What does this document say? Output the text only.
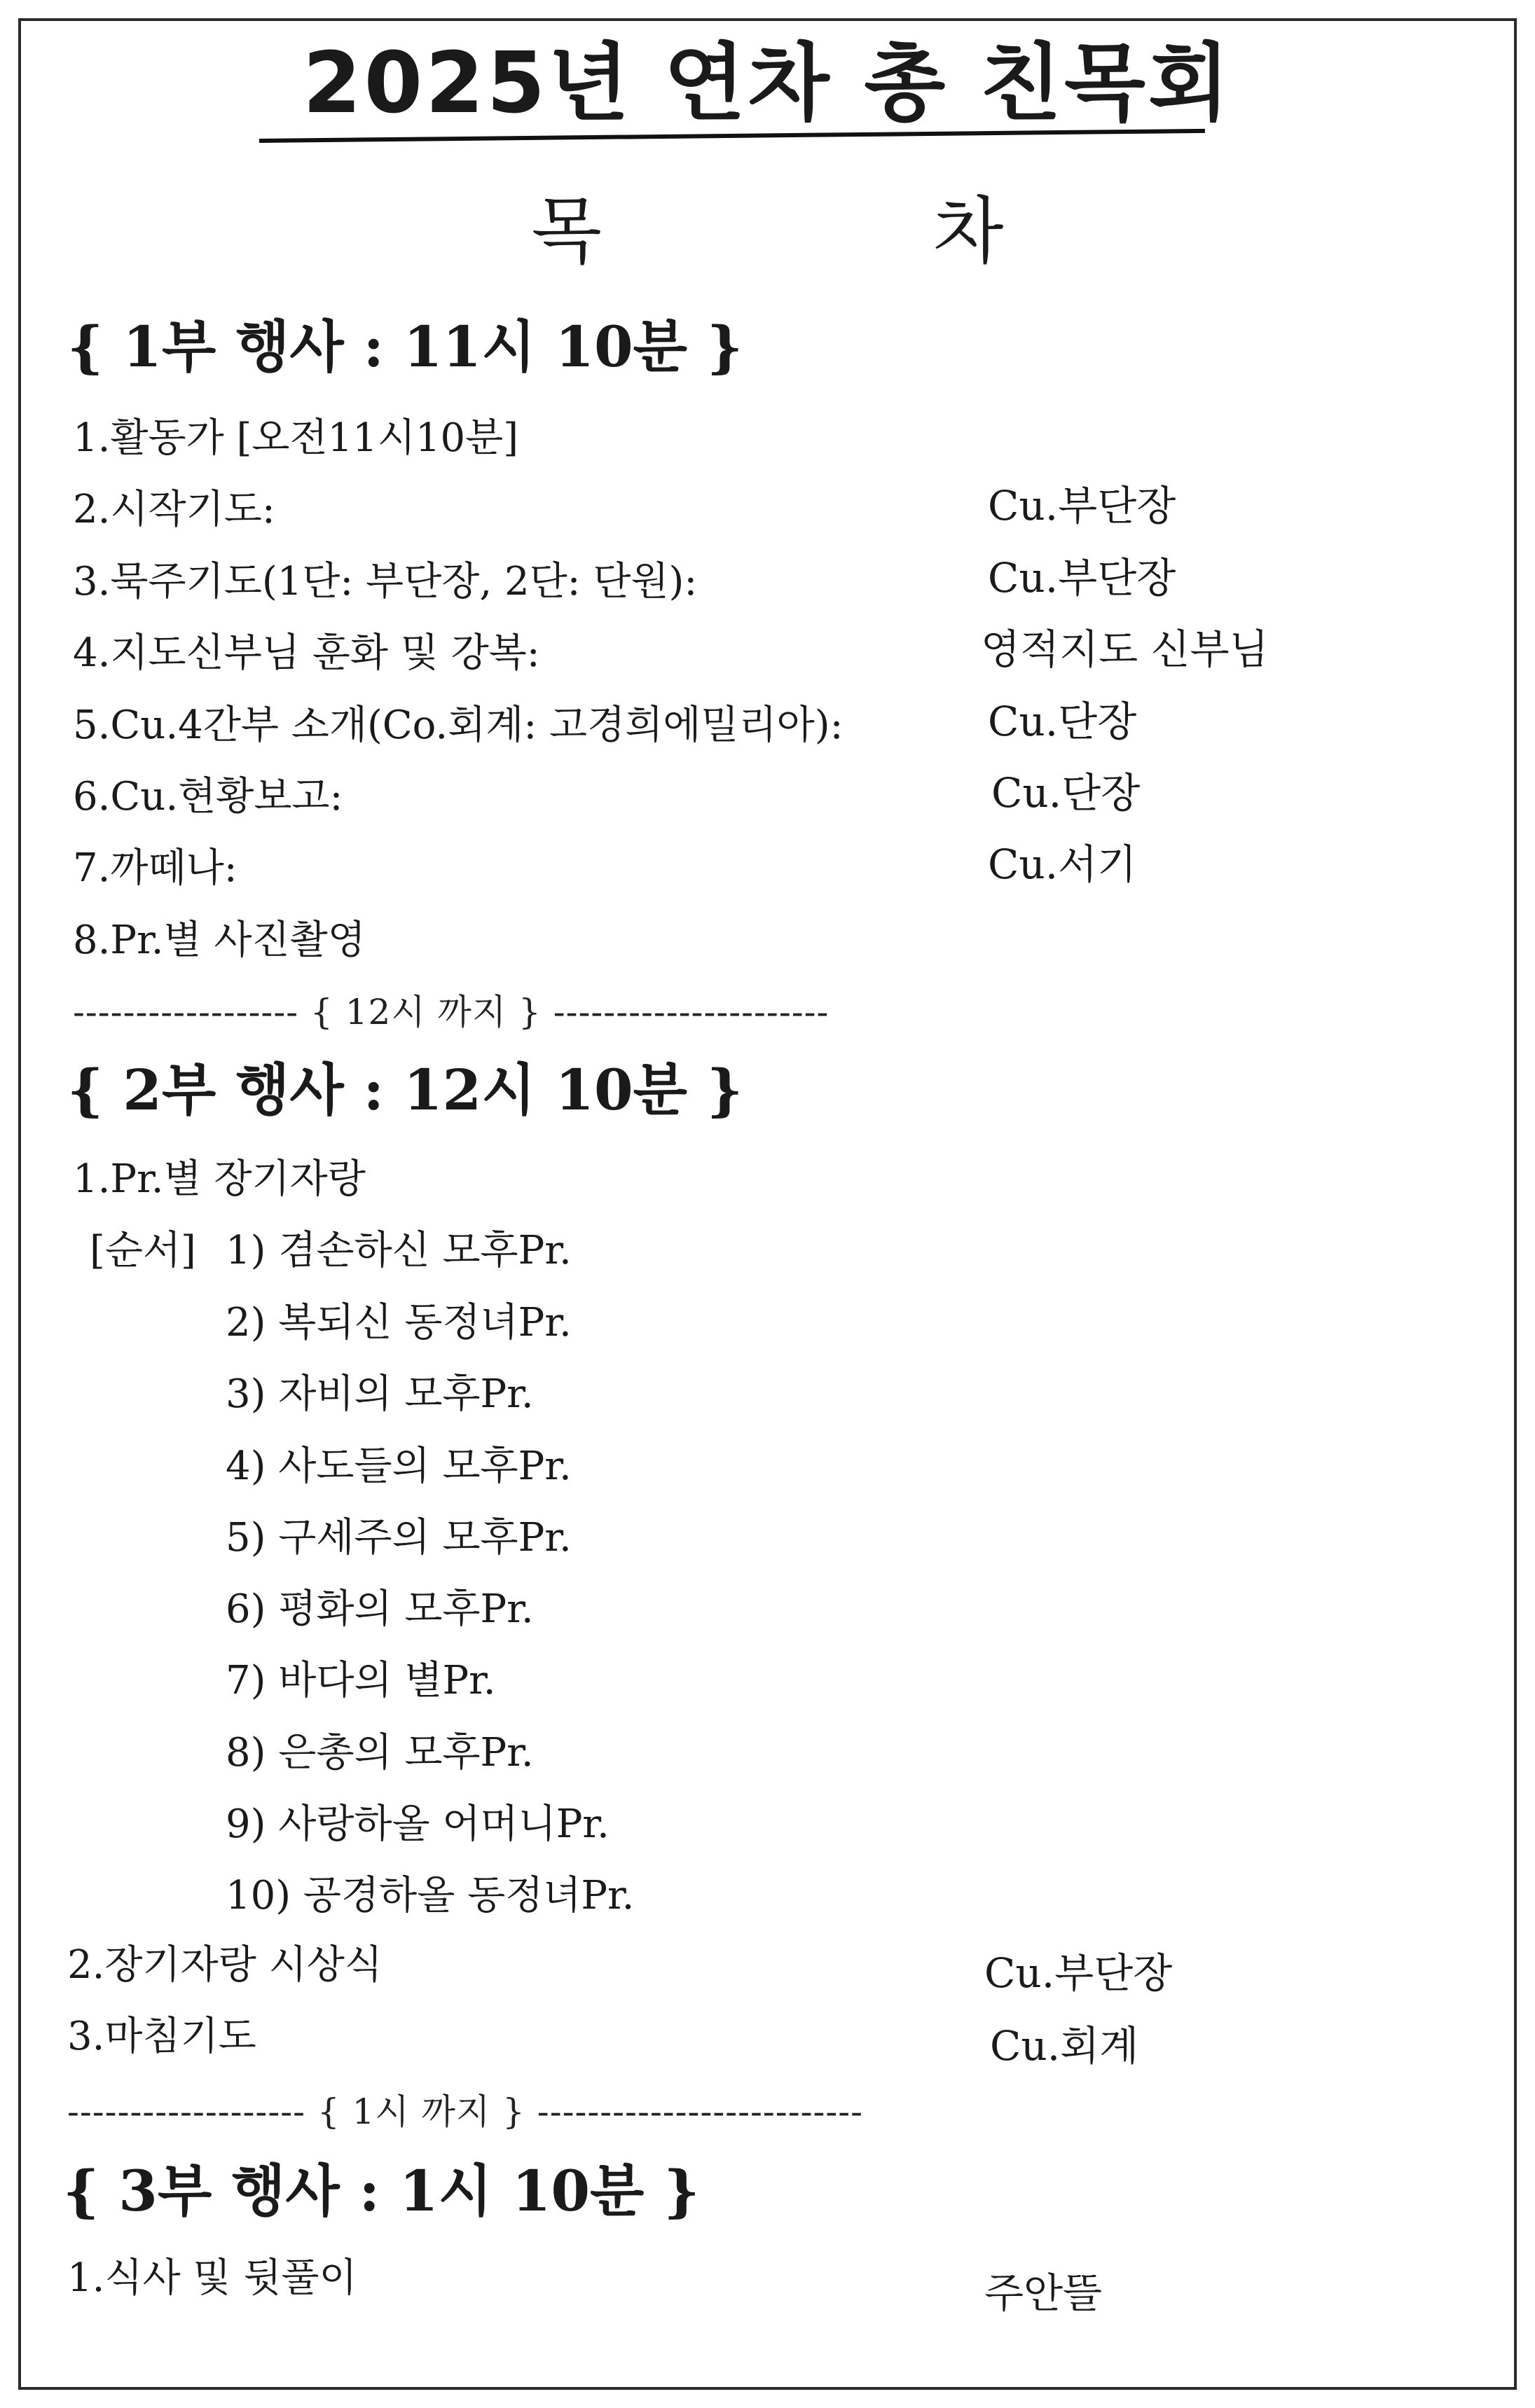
2025년 연차 총 친목회
목 차
{ 1부 행사 : 11시 10분 }
1.활동가 [오전11시10분]
2.시작기도:	Cu.부단장
3.묵주기도(1단: 부단장, 2단: 단원):	Cu.부단장
4.지도신부님 훈화 및 강복:	영적지도 신부님
5.Cu.4간부 소개(Co.회계: 고경희에밀리아):	Cu.단장
6.Cu.현황보고:	Cu.단장
7.까떼나:	Cu.서기
8.Pr.별 사진촬영
------------------ { 12시 까지 } ----------------------
{ 2부 행사 : 12시 10분 }
1.Pr.별 장기자랑
[순서] 1) 겸손하신 모후Pr.
2) 복되신 동정녀Pr.
3) 자비의 모후Pr.
4) 사도들의 모후Pr.
5) 구세주의 모후Pr.
6) 평화의 모후Pr.
7) 바다의 별Pr.
8) 은총의 모후Pr.
9) 사랑하올 어머니Pr.
10) 공경하올 동정녀Pr.
2.장기자랑 시상식	Cu.부단장
3.마침기도	Cu.회계
------------------- { 1시 까지 } --------------------------
{ 3부 행사 : 1시 10분 }
1.식사 및 뒷풀이	주안뜰
